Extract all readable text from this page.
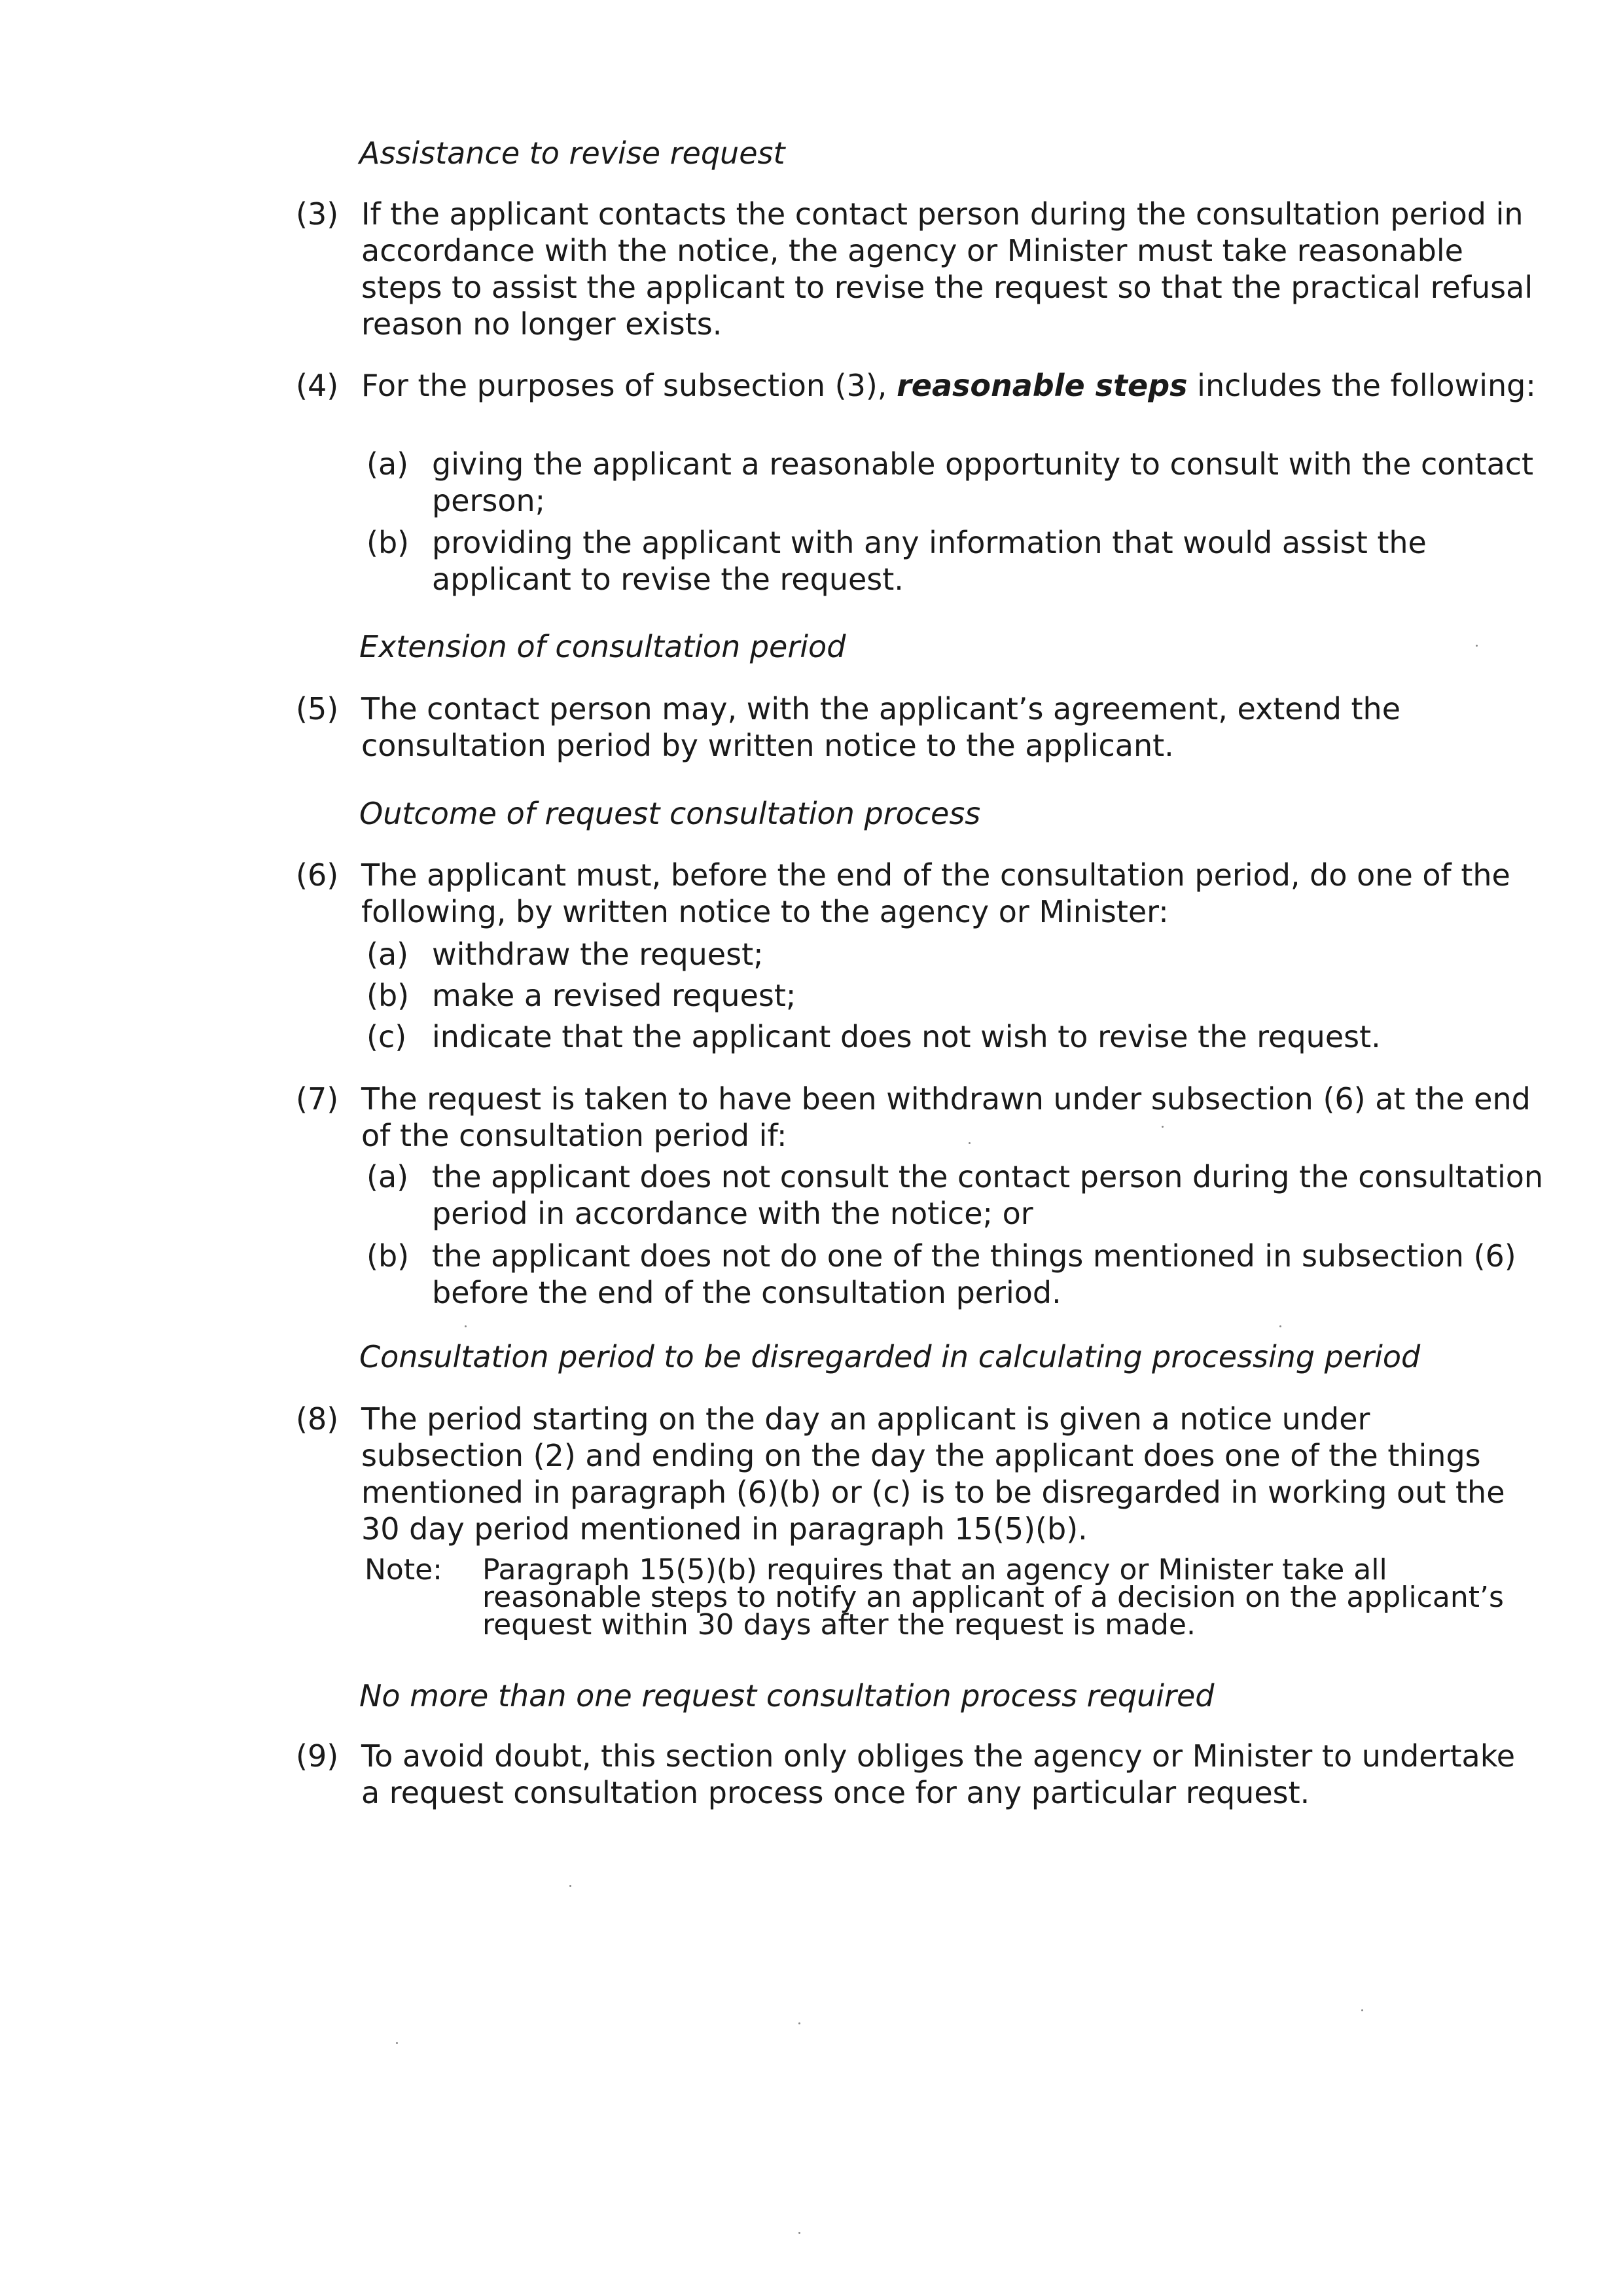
Assistance to revise request
(3) If the applicant contacts the contact person during the consultation period in accordance with the notice, the agency or Minister must take reasonable steps to assist the applicant to revise the request so that the practical refusal reason no longer exists.
(4) For the purposes of subsection (3), reasonable steps includes the following:
(a) giving the applicant a reasonable opportunity to consult with the contact person;
(b) providing the applicant with any information that would assist the applicant to revise the request.
Extension of consultation period
(5) The contact person may, with the applicant’s agreement, extend the consultation period by written notice to the applicant.
Outcome of request consultation process
(6) The applicant must, before the end of the consultation period, do one of the following, by written notice to the agency or Minister:
(a) withdraw the request;
(b) make a revised request;
(c) indicate that the applicant does not wish to revise the request.
(7) The request is taken to have been withdrawn under subsection (6) at the end of the consultation period if:
(a) the applicant does not consult the contact person during the consultation period in accordance with the notice; or
(b) the applicant does not do one of the things mentioned in subsection (6) before the end of the consultation period.
Consultation period to be disregarded in calculating processing period
(8) The period starting on the day an applicant is given a notice under subsection (2) and ending on the day the applicant does one of the things mentioned in paragraph (6)(b) or (c) is to be disregarded in working out the 30 day period mentioned in paragraph 15(5)(b).
Note: Paragraph 15(5)(b) requires that an agency or Minister take all reasonable steps to notify an applicant of a decision on the applicant’s request within 30 days after the request is made.
No more than one request consultation process required
(9) To avoid doubt, this section only obliges the agency or Minister to undertake a request consultation process once for any particular request.
